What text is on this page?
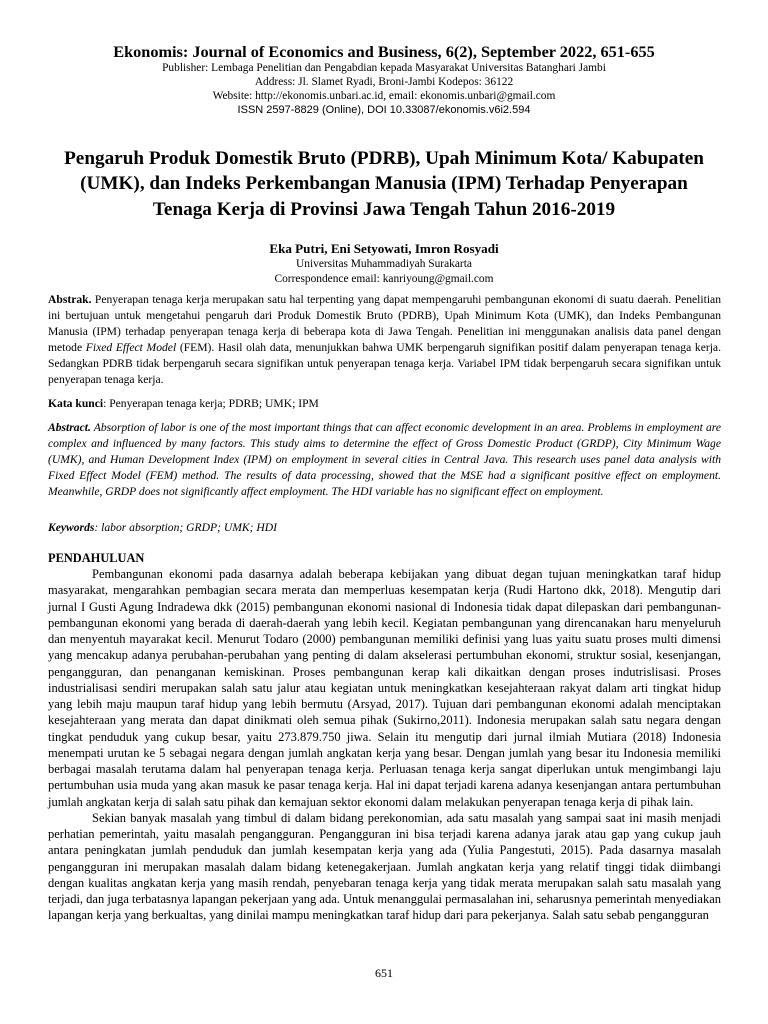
Ekonomis: Journal of Economics and Business, 6(2), September 2022, 651-655
Publisher: Lembaga Penelitian dan Pengabdian kepada Masyarakat Universitas Batanghari Jambi
Address: Jl. Slamet Ryadi, Broni-Jambi Kodepos: 36122
Website: http://ekonomis.unbari.ac.id, email: ekonomis.unbari@gmail.com
ISSN 2597-8829 (Online), DOI 10.33087/ekonomis.v6i2.594
Pengaruh Produk Domestik Bruto (PDRB), Upah Minimum Kota/ Kabupaten (UMK), dan Indeks Perkembangan Manusia (IPM) Terhadap Penyerapan Tenaga Kerja di Provinsi Jawa Tengah Tahun 2016-2019
Eka Putri, Eni Setyowati, Imron Rosyadi
Universitas Muhammadiyah Surakarta
Correspondence email: kanriyoung@gmail.com
Abstrak. Penyerapan tenaga kerja merupakan satu hal terpenting yang dapat mempengaruhi pembangunan ekonomi di suatu daerah. Penelitian ini bertujuan untuk mengetahui pengaruh dari Produk Domestik Bruto (PDRB), Upah Minimum Kota (UMK), dan Indeks Pembangunan Manusia (IPM) terhadap penyerapan tenaga kerja di beberapa kota di Jawa Tengah. Penelitian ini menggunakan analisis data panel dengan metode Fixed Effect Model (FEM). Hasil olah data, menunjukkan bahwa UMK berpengaruh signifikan positif dalam penyerapan tenaga kerja. Sedangkan PDRB tidak berpengaruh secara signifikan untuk penyerapan tenaga kerja. Variabel IPM tidak berpengaruh secara signifikan untuk penyerapan tenaga kerja.
Kata kunci: Penyerapan tenaga kerja; PDRB; UMK; IPM
Abstract. Absorption of labor is one of the most important things that can affect economic development in an area. Problems in employment are complex and influenced by many factors. This study aims to determine the effect of Gross Domestic Product (GRDP), City Minimum Wage (UMK), and Human Development Index (IPM) on employment in several cities in Central Java. This research uses panel data analysis with Fixed Effect Model (FEM) method. The results of data processing, showed that the MSE had a significant positive effect on employment. Meanwhile, GRDP does not significantly affect employment. The HDI variable has no significant effect on employment.
Keywords: labor absorption; GRDP; UMK; HDI
PENDAHULUAN

Pembangunan ekonomi pada dasarnya adalah beberapa kebijakan yang dibuat degan tujuan meningkatkan taraf hidup masyarakat, mengarahkan pembagian secara merata dan memperluas kesempatan kerja (Rudi Hartono dkk, 2018). Mengutip dari jurnal I Gusti Agung Indradewa dkk (2015) pembangunan ekonomi nasional di Indonesia tidak dapat dilepaskan dari pembangunan-pembangunan ekonomi yang berada di daerah-daerah yang lebih kecil. Kegiatan pembangunan yang direncanakan haru menyeluruh dan menyentuh mayarakat kecil. Menurut Todaro (2000) pembangunan memiliki definisi yang luas yaitu suatu proses multi dimensi yang mencakup adanya perubahan-perubahan yang penting di dalam akselerasi pertumbuhan ekonomi, struktur sosial, kesenjangan, pengangguran, dan penanganan kemiskinan. Proses pembangunan kerap kali dikaitkan dengan proses indutrislisasi. Proses industrialisasi sendiri merupakan salah satu jalur atau kegiatan untuk meningkatkan kesejahteraan rakyat dalam arti tingkat hidup yang lebih maju maupun taraf hidup yang lebih bermutu (Arsyad, 2017). Tujuan dari pembangunan ekonomi adalah menciptakan kesejahteraan yang merata dan dapat dinikmati oleh semua pihak (Sukirno,2011). Indonesia merupakan salah satu negara dengan tingkat penduduk yang cukup besar, yaitu 273.879.750 jiwa. Selain itu mengutip dari jurnal ilmiah Mutiara (2018) Indonesia menempati urutan ke 5 sebagai negara dengan jumlah angkatan kerja yang besar. Dengan jumlah yang besar itu Indonesia memiliki berbagai masalah terutama dalam hal penyerapan tenaga kerja. Perluasan tenaga kerja sangat diperlukan untuk mengimbangi laju pertumbuhan usia muda yang akan masuk ke pasar tenaga kerja. Hal ini dapat terjadi karena adanya kesenjangan antara pertumbuhan jumlah angkatan kerja di salah satu pihak dan kemajuan sektor ekonomi dalam melakukan penyerapan tenaga kerja di pihak lain.

Sekian banyak masalah yang timbul di dalam bidang perekonomian, ada satu masalah yang sampai saat ini masih menjadi perhatian pemerintah, yaitu masalah pengangguran. Pengangguran ini bisa terjadi karena adanya jarak atau gap yang cukup jauh antara peningkatan jumlah penduduk dan jumlah kesempatan kerja yang ada (Yulia Pangestuti, 2015). Pada dasarnya masalah pengangguran ini merupakan masalah dalam bidang ketenegakerjaan. Jumlah angkatan kerja yang relatif tinggi tidak diimbangi dengan kualitas angkatan kerja yang masih rendah, penyebaran tenaga kerja yang tidak merata merupakan salah satu masalah yang terjadi, dan juga terbatasnya lapangan pekerjaan yang ada. Untuk menanggulai permasalahan ini, seharusnya pemerintah menyediakan lapangan kerja yang berkualtas, yang dinilai mampu meningkatkan taraf hidup dari para pekerjanya. Salah satu sebab pengangguran

651
